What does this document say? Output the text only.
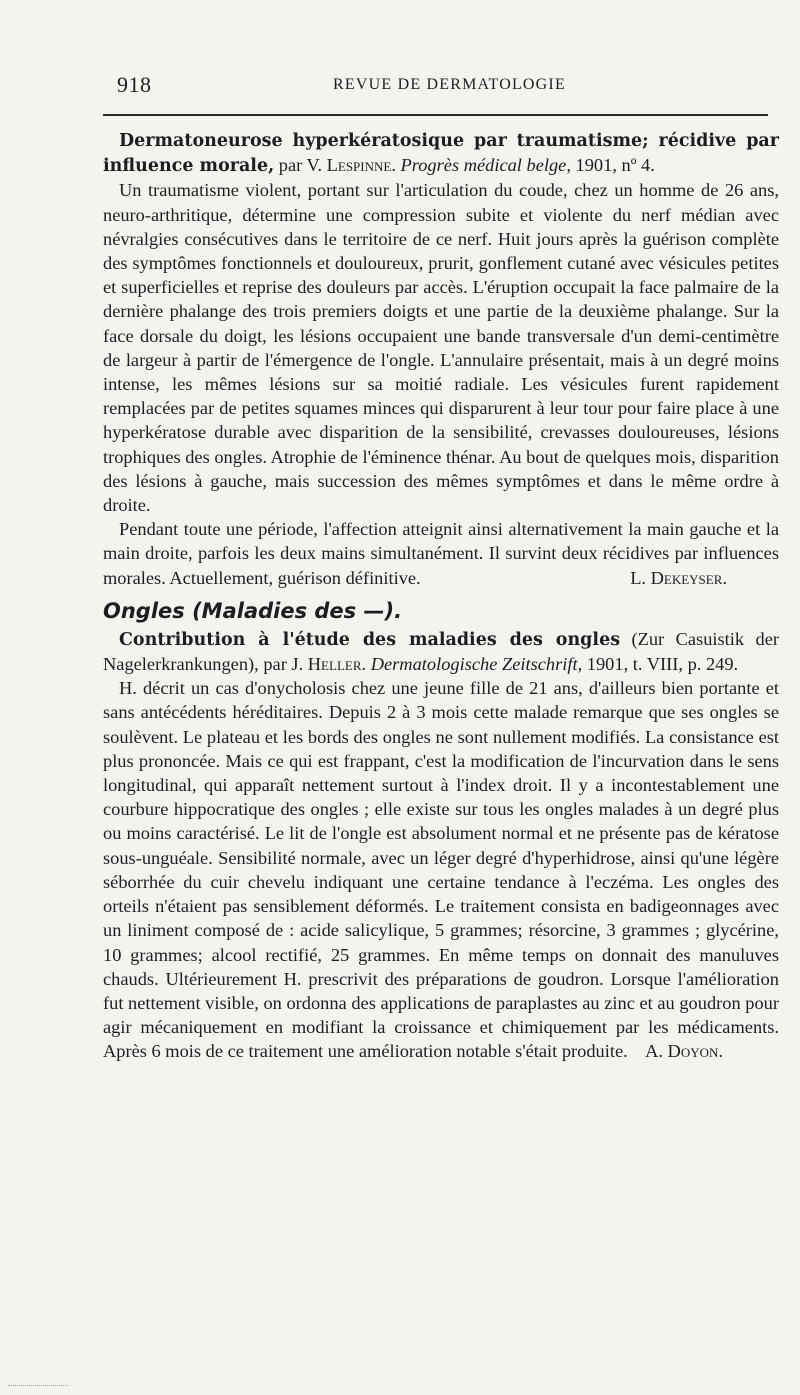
918	REVUE DE DERMATOLOGIE

Dermatoneurose hyperkératosique par traumatisme; récidive par influence morale, par V. Lespinne. Progrès médical belge, 1901, nº 4.

Un traumatisme violent, portant sur l'articulation du coude, chez un homme de 26 ans, neuro-arthritique, détermine une compression subite et violente du nerf médian avec névralgies consécutives dans le territoire de ce nerf. Huit jours après la guérison complète des symptômes fonctionnels et douloureux, prurit, gonflement cutané avec vésicules petites et superficielles et reprise des douleurs par accès. L'éruption occupait la face palmaire de la dernière phalange des trois premiers doigts et une partie de la deuxième phalange. Sur la face dorsale du doigt, les lésions occupaient une bande transversale d'un demi-centimètre de largeur à partir de l'émergence de l'ongle. L'annulaire présentait, mais à un degré moins intense, les mêmes lésions sur sa moitié radiale. Les vésicules furent rapidement remplacées par de petites squames minces qui disparurent à leur tour pour faire place à une hyperkératose durable avec disparition de la sensibilité, crevasses douloureuses, lésions trophiques des ongles. Atrophie de l'éminence thénar. Au bout de quelques mois, disparition des lésions à gauche, mais succession des mêmes symptômes et dans le même ordre à droite.

Pendant toute une période, l'affection atteignit ainsi alternativement la main gauche et la main droite, parfois les deux mains simultanément. Il survint deux récidives par influences morales. Actuellement, guérison définitive.	L. Dekeyser.

Ongles (Maladies des —).

Contribution à l'étude des maladies des ongles (Zur Casuistik der Nagelerkrankungen), par J. Heller. Dermatologische Zeitschrift, 1901, t. VIII, p. 249.

H. décrit un cas d'onycholosis chez une jeune fille de 21 ans, d'ailleurs bien portante et sans antécédents héréditaires. Depuis 2 à 3 mois cette malade remarque que ses ongles se soulèvent. Le plateau et les bords des ongles ne sont nullement modifiés. La consistance est plus prononcée. Mais ce qui est frappant, c'est la modification de l'incurvation dans le sens longitudinal, qui apparaît nettement surtout à l'index droit. Il y a incontestablement une courbure hippocratique des ongles ; elle existe sur tous les ongles malades à un degré plus ou moins caractérisé. Le lit de l'ongle est absolument normal et ne présente pas de kératose sous-unguéale. Sensibilité normale, avec un léger degré d'hyperhidrose, ainsi qu'une légère séborrhée du cuir chevelu indiquant une certaine tendance à l'eczéma. Les ongles des orteils n'étaient pas sensiblement déformés. Le traitement consista en badigeonnages avec un liniment composé de : acide salicylique, 5 grammes; résorcine, 3 grammes ; glycérine, 10 grammes; alcool rectifié, 25 grammes. En même temps on donnait des manuluves chauds. Ultérieurement H. prescrivit des préparations de goudron. Lorsque l'amélioration fut nettement visible, on ordonna des applications de paraplastes au zinc et au goudron pour agir mécaniquement en modifiant la croissance et chimiquement par les médicaments. Après 6 mois de ce traitement une amélioration notable s'était produite. A. Doyon.
